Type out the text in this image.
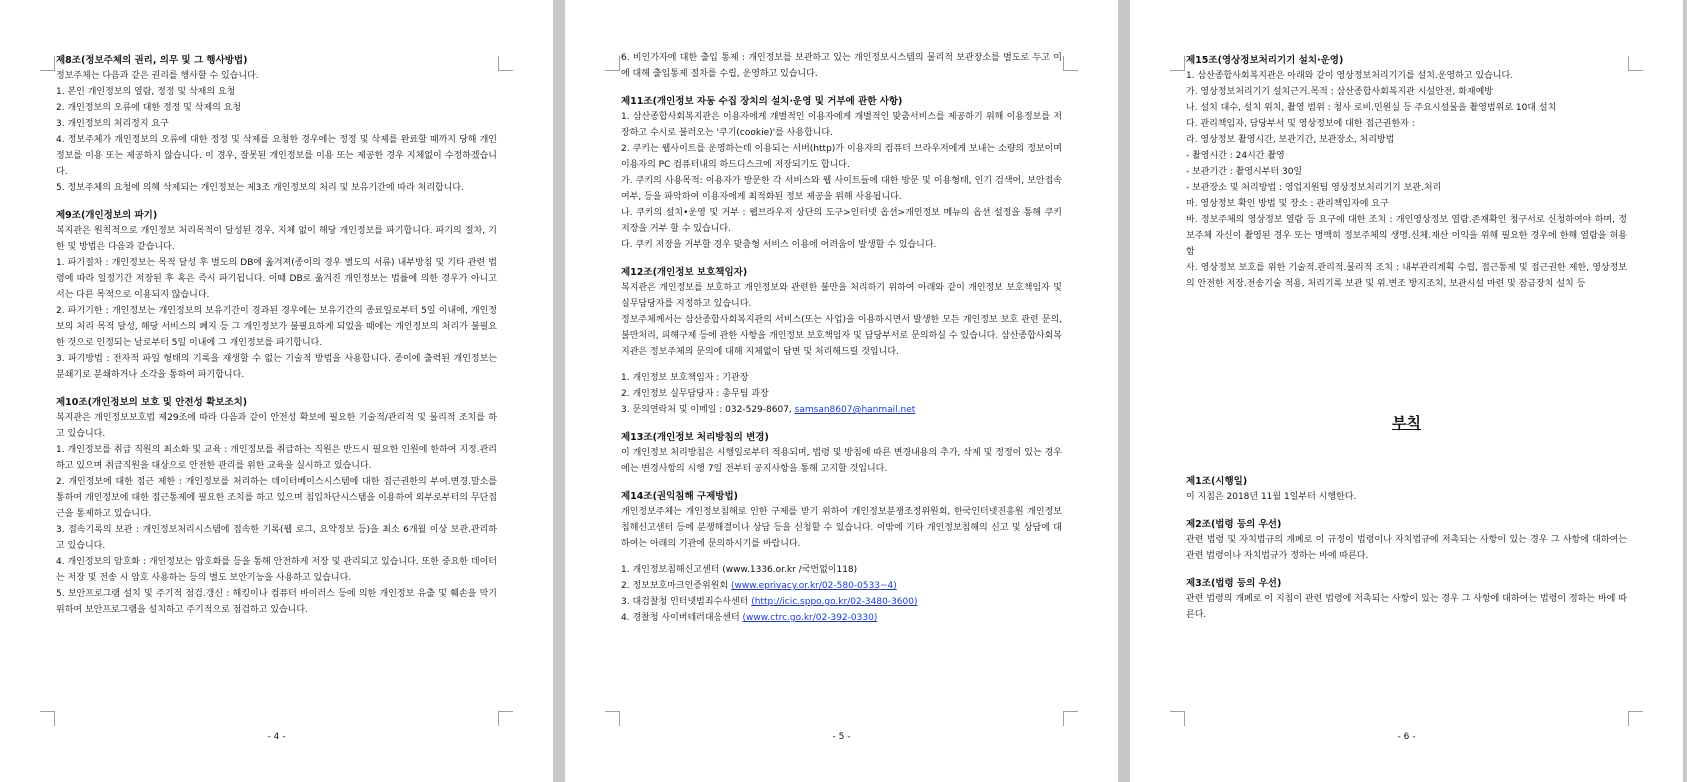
제8조(정보주체의 권리, 의무 및 그 행사방법)
정보주체는 다음과 같은 권리를 행사할 수 있습니다.
1. 본인 개인정보의 열람, 정정 및 삭제의 요청
2. 개인정보의 오류에 대한 정정 및 삭제의 요청
3. 개인정보의 처리정지 요구
4. 정보주체가 개인정보의 오류에 대한 정정 및 삭제를 요청한 경우에는 정정 및 삭제를 완료할 때까지 당해 개인정보를 이용 또는 제공하지 않습니다. 이 경우, 잘못된 개인정보를 이용 또는 제공한 경우 지체없이 수정하겠습니다.
5. 정보주체의 요청에 의해 삭제되는 개인정보는 제3조 개인정보의 처리 및 보유기간에 따라 처리합니다.
제9조(개인정보의 파기)
복지관은 원칙적으로 개인정보 처리목적이 달성된 경우, 지체 없이 해당 개인정보를 파기합니다. 파기의 절차, 기한 및 방법은 다음과 같습니다.
1. 파기절차 : 개인정보는 목적 달성 후 별도의 DB에 옮겨져(종이의 경우 별도의 서류) 내부방침 및 기타 관련 법령에 따라 일정기간 저장된 후 혹은 즉시 파기됩니다. 이때 DB로 옮겨진 개인정보는 법률에 의한 경우가 아니고서는 다른 목적으로 이용되지 않습니다.
2. 파기기한 : 개인정보는 개인정보의 보유기간이 경과된 경우에는 보유기간의 종료일로부터 5일 이내에, 개인정보의 처리 목적 달성, 해당 서비스의 폐지 등 그 개인정보가 불필요하게 되었을 때에는 개인정보의 처리가 불필요한 것으로 인정되는 날로부터 5일 이내에 그 개인정보를 파기합니다.
3. 파기방법 : 전자적 파일 형태의 기록을 재생할 수 없는 기술적 방법을 사용합니다. 종이에 출력된 개인정보는 분쇄기로 분쇄하거나 소각을 통하여 파기합니다.
제10조(개인정보의 보호 및 안전성 확보조치)
복지관은 개인정보보호법 제29조에 따라 다음과 같이 안전성 확보에 필요한 기술적/관리적 및 물리적 조치를 하고 있습니다.
1. 개인정보를 취급 직원의 최소화 및 교육 : 개인정보를 취급하는 직원은 반드시 필요한 인원에 한하여 지정.관리하고 있으며 취급직원을 대상으로 안전한 관리를 위한 교육을 실시하고 있습니다.
2. 개인정보에 대한 접근 제한 : 개인정보를 처리하는 데이터베이스시스템에 대한 접근권한의 부여.변경.말소를 통하여 개인정보에 대한 접근통제에 필요한 조치를 하고 있으며 침입차단시스템을 이용하여 외부로부터의 무단접근을 통제하고 있습니다.
3. 접속기록의 보관 : 개인정보처리시스템에 접속한 기록(웹 로그, 요약정보 등)을 최소 6개월 이상 보관.관리하고 있습니다.
4. 개인정보의 암호화 : 개인정보는 암호화를 등을 통해 안전하게 저장 및 관리되고 있습니다. 또한 중요한 데이터는 저장 및 전송 시 암호 사용하는 등의 별도 보안기능을 사용하고 있습니다.
5. 보안프로그램 설치 및 주기적 점검.갱신 : 해킹이나 컴퓨터 바이러스 등에 의한 개인정보 유출 및 훼손을 막기 위하여 보안프로그램을 설치하고 주기적으로 점검하고 있습니다.
- 4 -
6. 비인가자에 대한 출입 통제 : 개인정보를 보관하고 있는 개인정보시스템의 물리적 보관장소를 별도로 두고 이에 대해 출입통제 절차를 수립, 운영하고 있습니다.
제11조(개인정보 자동 수집 장치의 설치·운영 및 거부에 관한 사항)
1. 삼산종합사회복지관은 이용자에게 개별적인 이용자에게 개별적인 맞춤서비스를 제공하기 위해 이용정보를 저장하고 수시로 불러오는 '쿠기(cookie)'를 사용합니다.
2. 쿠키는 웹사이트를 운영하는데 이용되는 서버(http)가 이용자의 컴퓨터 브라우저에게 보내는 소량의 정보이며 이용자의 PC 컴퓨터내의 하드디스크에 저장되기도 합니다.
가. 쿠키의 사용목적: 이용자가 방문한 각 서비스와 웹 사이트들에 대한 방문 및 이용형태, 인기 검색어, 보안접속 여부, 등을 파악하여 이용자에게 최적화된 정보 제공을 위해 사용됩니다.
나. 쿠키의 설치•운영 및 거부 : 웹브라우저 상단의 도구>인터넷 옵션>개인정보 메뉴의 옵션 설정을 통해 쿠키 저장을 거부 할 수 있습니다.
다. 쿠키 저장을 거부할 경우 맞춤형 서비스 이용에 어려움이 발생할 수 있습니다.
제12조(개인정보 보호책임자)
복지관은 개인정보를 보호하고 개인정보와 관련한 불만을 처리하기 위하여 아래와 같이 개인정보 보호책임자 및 실무담당자를 지정하고 있습니다.
정보주체께서는 삼산종합사회복지관의 서비스(또는 사업)을 이용하시면서 발생한 모든 개인정보 보호 관련 문의, 불만처리, 피해구제 등에 관한 사항을 개인정보 보호책임자 및 담당부서로 문의하실 수 있습니다. 삼산종합사회복지관은 정보주체의 문의에 대해 지체없이 답변 및 처리해드릴 것입니다.
1. 개인정보 보호책임자 : 기관장
2. 개인정보 실무담당자 : 총무팀 과장
3. 문의연락처 및 이메일 : 032-529-8607, samsan8607@hanmail.net
제13조(개인정보 처리방침의 변경)
이 개인정보 처리방침은 시행일로부터 적용되며, 법령 및 방침에 따른 변경내용의 추가, 삭제 및 정정이 있는 경우에는 변경사항의 시행 7일 전부터 공지사항을 통해 고지할 것입니다.
제14조(권익침해 구제방법)
개인정보주체는 개인정보침해로 인한 구제를 받기 위하여 개인정보분쟁조정위원회, 한국인터넷진흥원 개인정보침해신고센터 등에 분쟁해결이나 상담 등을 신청할 수 있습니다. 이밖에 기타 개인정보침해의 신고 및 상담에 대하여는 아래의 기관에 문의하시기를 바랍니다.
1. 개인정보침해신고센터 (www.1336.or.kr /국번없이118)
2. 정보보호마크인증위원회 (www.eprivacy.or.kr/02-580-0533~4)
3. 대검찰청 인터넷범죄수사센터 (http://icic.sppo.go.kr/02-3480-3600)
4. 경찰청 사이버테러대응센터 (www.ctrc.go.kr/02-392-0330)
- 5 -
제15조(영상정보처리기기 설치·운영)
1. 삼산종합사회복지관은 아래와 같이 영상정보처리기기를 설치.운영하고 있습니다.
가. 영상정보처리기기 설치근거.목적 : 삼산종합사회복지관 시설안전, 화재예방
나. 설치 대수, 설치 위치, 촬영 범위 : 청사 로비.민원실 등 주요시설물을 촬영범위로 10대 설치
다. 관리책임자, 담당부서 및 영상정보에 대한 접근권한자 :
라. 영상정보 촬영시간, 보관기간, 보관장소, 처리방법
- 촬영시간 : 24시간 촬영
- 보관기간 : 촬영시부터 30일
- 보관장소 및 처리방법 : 영업지원팀 영상정보처리기기 보관.처리
마. 영상정보 확인 방법 및 장소 : 관리책임자에 요구
바. 정보주체의 영상정보 열람 등 요구에 대한 조치 : 개인영상정보 열람.존재확인 청구서로 신청하여야 하며, 정보주체 자신이 촬영된 경우 또는 명백히 정보주체의 생명.신체.재산 이익을 위해 필요한 경우에 한해 열람을 허용함
사. 영상정보 보호를 위한 기술적.관리적.물리적 조치 : 내부관리계획 수립, 접근통제 및 접근권한 제한, 영상정보의 안전한 저장.전송기술 적용, 처리기록 보관 및 위.변조 방지조치, 보관시설 마련 및 잠금장치 설치 등
부칙
제1조(시행일)
이 지침은 2018년 11월 1일부터 시행한다.
제2조(법령 등의 우선)
관련 법령 및 자치법규의 개폐로 이 규정이 법령이나 자치법규에 저촉되는 사항이 있는 경우 그 사항에 대하여는 관련 법령이나 자치법규가 정하는 바에 따른다.
제3조(법령 등의 우선)
관련 법령의 개폐로 이 지침이 관련 법령에 저촉되는 사항이 있는 경우 그 사항에 대하여는 법령이 정하는 바에 따른다.
- 6 -
